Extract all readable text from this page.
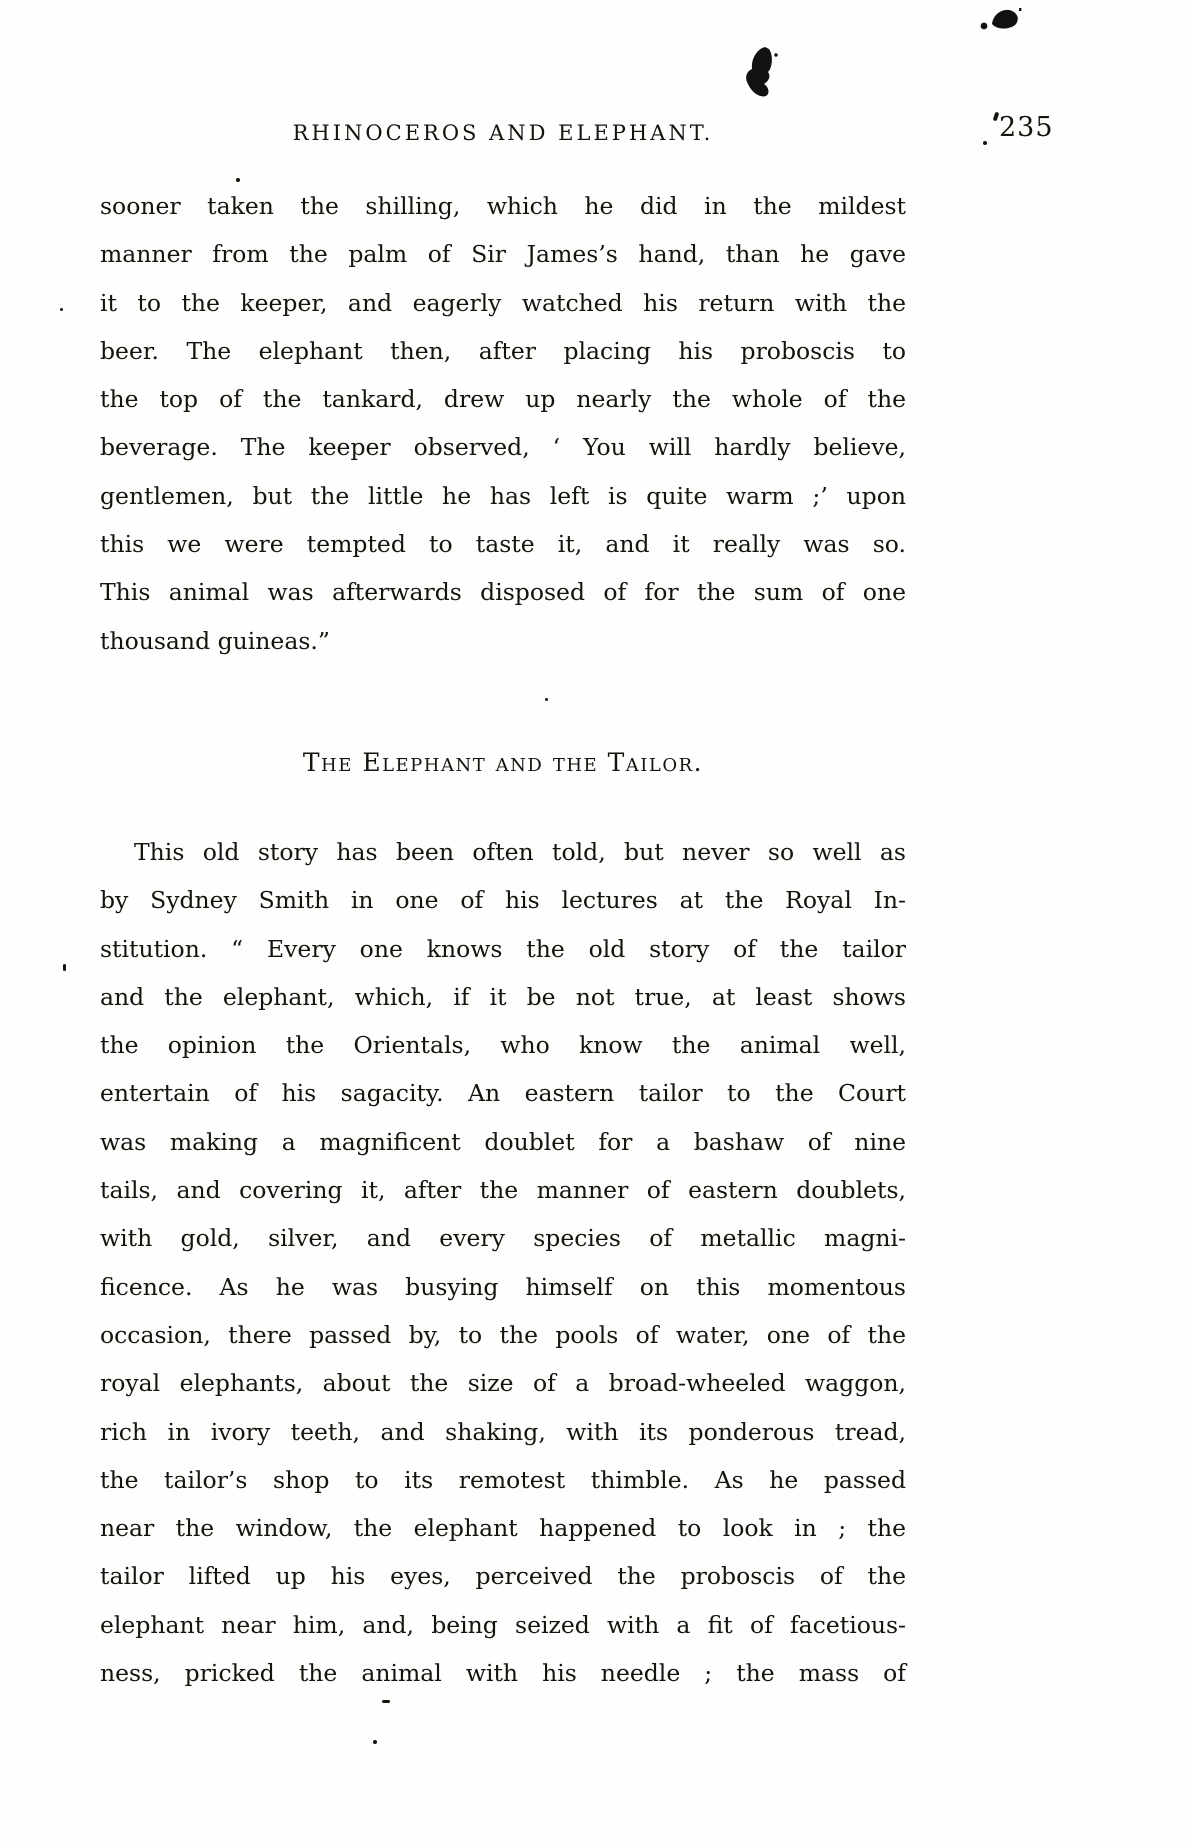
RHINOCEROS AND ELEPHANT.	235
sooner taken the shilling, which he did in the mildest
manner from the palm of Sir James’s hand, than he gave
it to the keeper, and eagerly watched his return with the
beer. The elephant then, after placing his proboscis to
the top of the tankard, drew up nearly the whole of the
beverage. The keeper observed, ‘ You will hardly believe,
gentlemen, but the little he has left is quite warm ;’ upon
this we were tempted to taste it, and it really was so.
This animal was afterwards disposed of for the sum of one
thousand guineas.”
The Elephant and the Tailor.
This old story has been often told, but never so well as
by Sydney Smith in one of his lectures at the Royal In-
stitution. “ Every one knows the old story of the tailor
and the elephant, which, if it be not true, at least shows
the opinion the Orientals, who know the animal well,
entertain of his sagacity. An eastern tailor to the Court
was making a magnificent doublet for a bashaw of nine
tails, and covering it, after the manner of eastern doublets,
with gold, silver, and every species of metallic magni-
ficence. As he was busying himself on this momentous
occasion, there passed by, to the pools of water, one of the
royal elephants, about the size of a broad-wheeled waggon,
rich in ivory teeth, and shaking, with its ponderous tread,
the tailor’s shop to its remotest thimble. As he passed
near the window, the elephant happened to look in ; the
tailor lifted up his eyes, perceived the proboscis of the
elephant near him, and, being seized with a fit of facetious-
ness, pricked the animal with his needle ; the mass of
